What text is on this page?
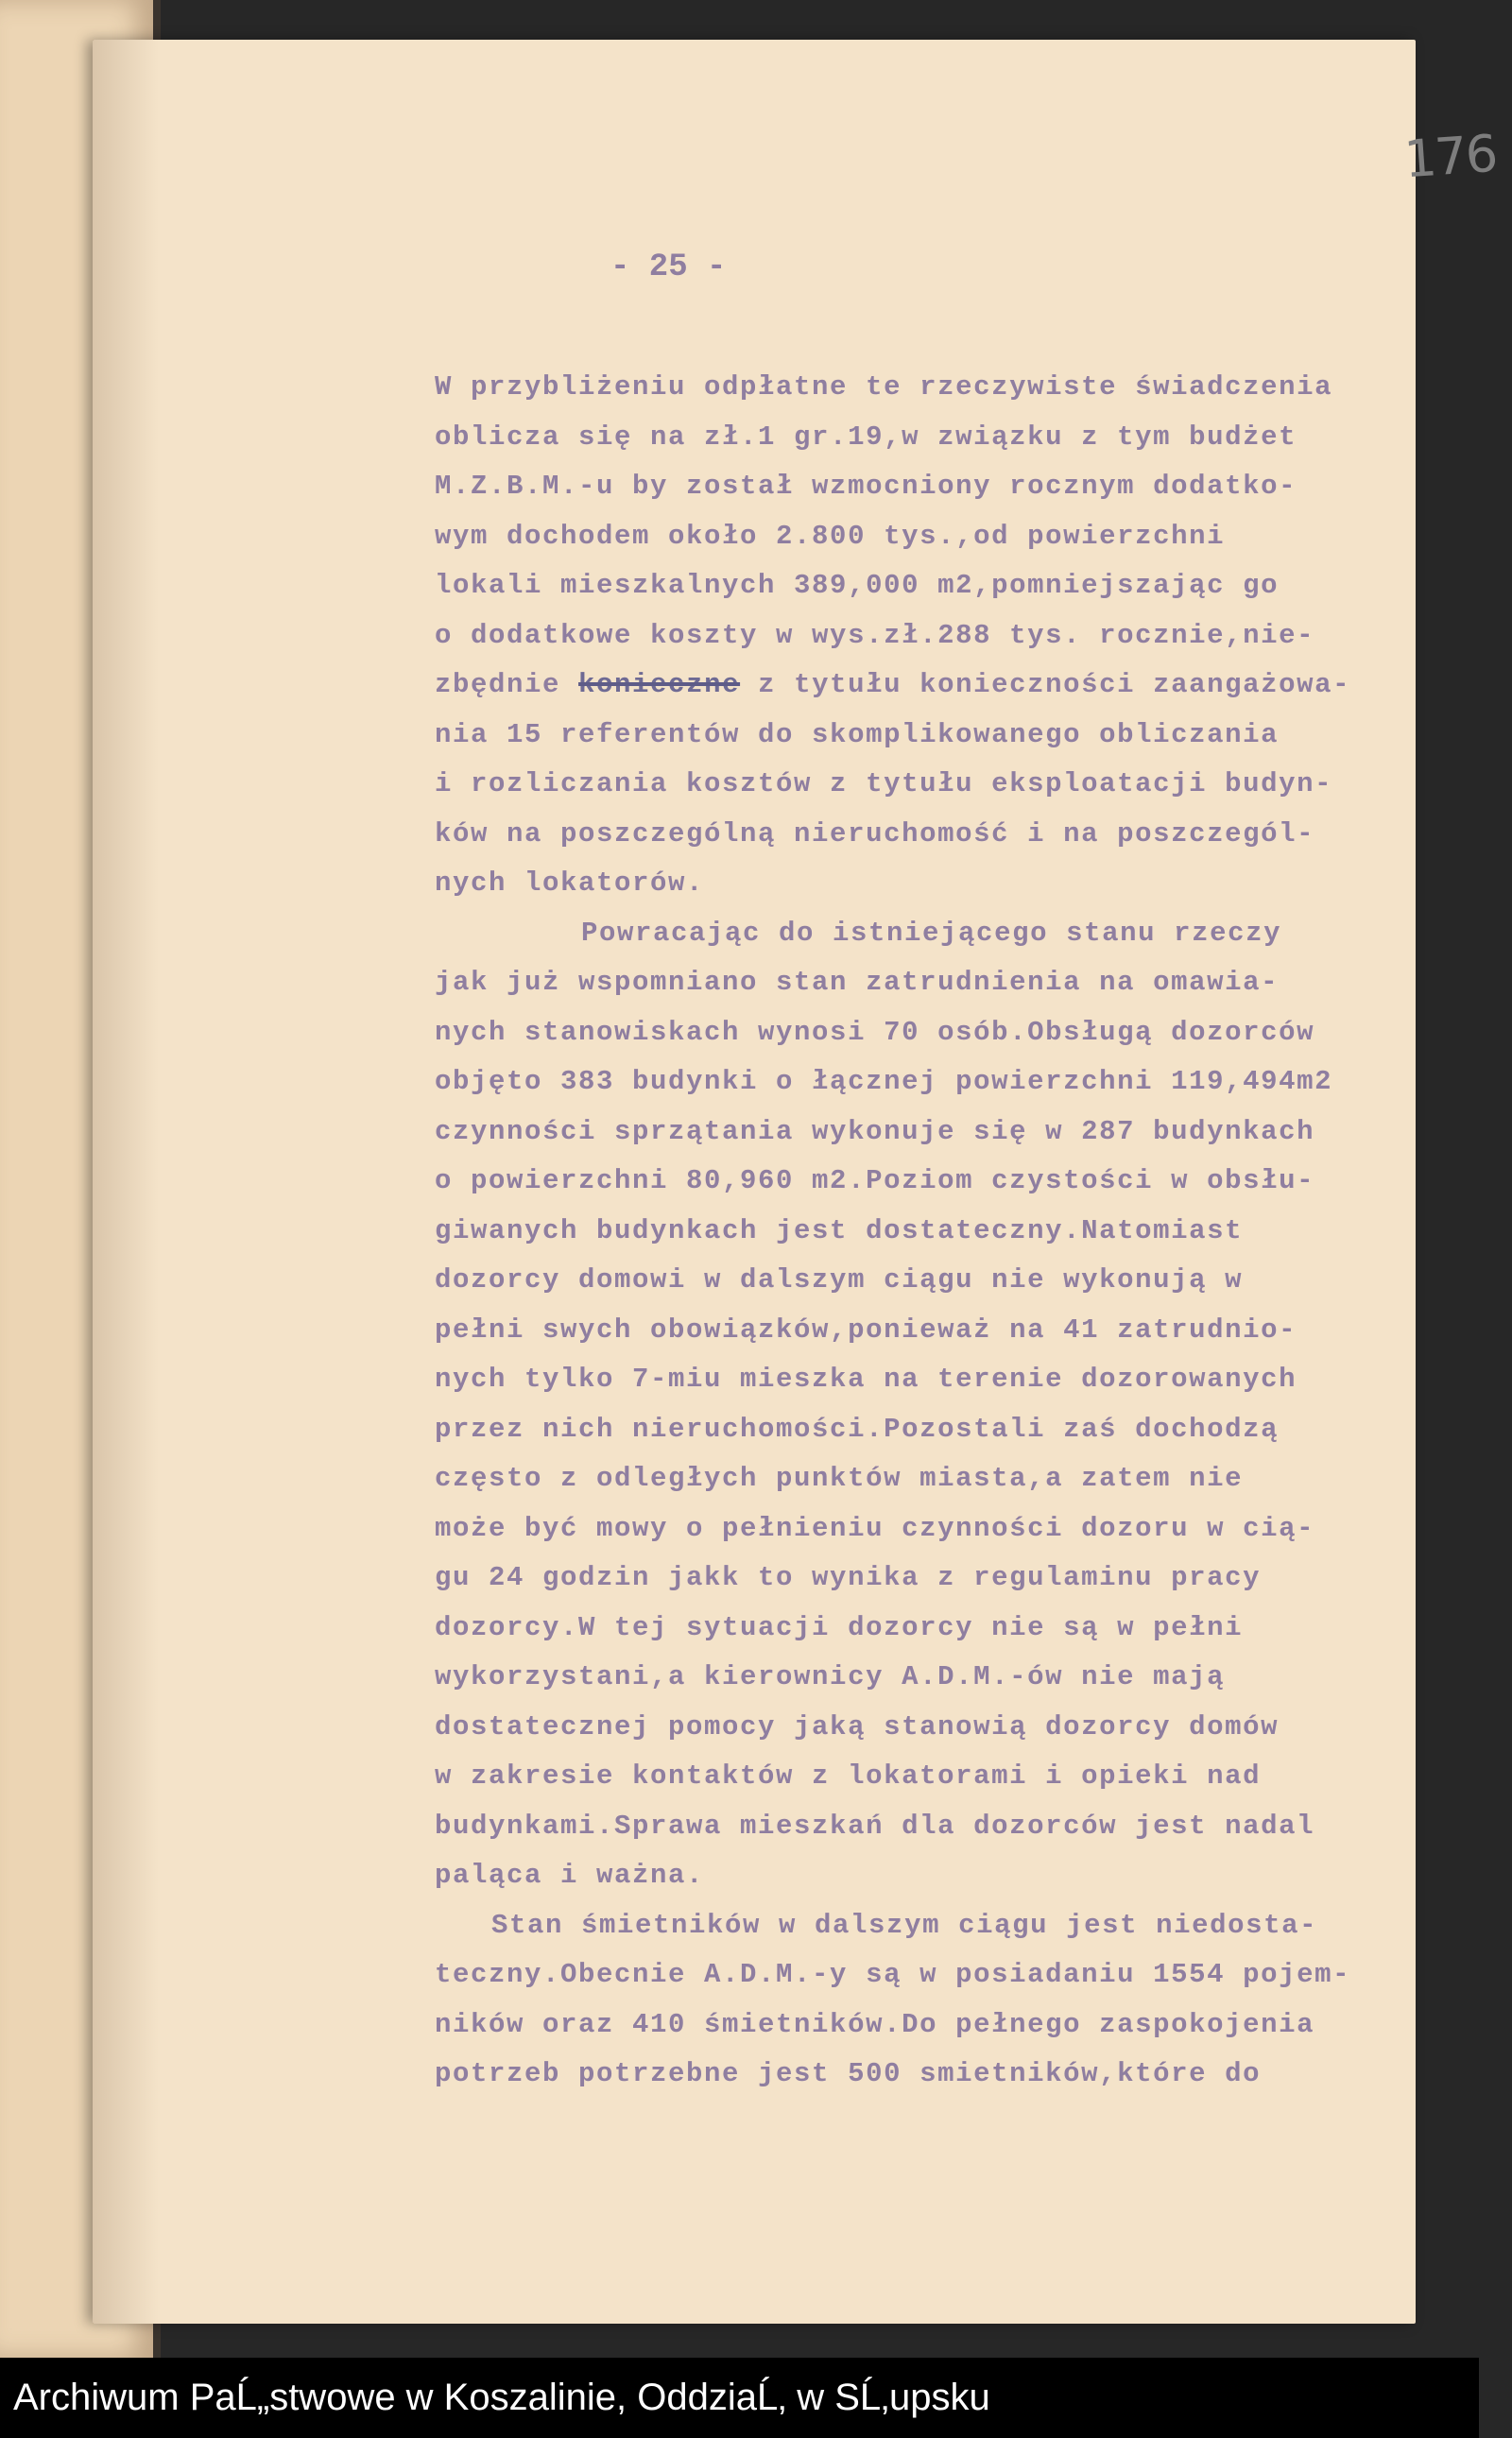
176
- 25 -
W przybliżeniu odpłatne te rzeczywiste świadczenia
oblicza się na zł.1 gr.19,w związku z tym budżet
M.Z.B.M.-u by został wzmocniony rocznym dodatko-
wym dochodem około 2.800 tys.,od powierzchni
lokali mieszkalnych 389,000 m2,pomniejszając go
o dodatkowe koszty w wys.zł.288 tys. rocznie,nie-
zbędnie konieczne z tytułu konieczności zaangażowa-
nia 15 referentów do skomplikowanego obliczania
i rozliczania kosztów z tytułu eksploatacji budyn-
ków na poszczególną nieruchomość i na poszczegól-
nych lokatorów.
Powracając do istniejącego stanu rzeczy
jak już wspomniano stan zatrudnienia na omawia-
nych stanowiskach wynosi 70 osób.Obsługą dozorców
objęto 383 budynki o łącznej powierzchni 119,494m2
czynności sprzątania wykonuje się w 287 budynkach
o powierzchni 80,960 m2.Poziom czystości w obsłu-
giwanych budynkach jest dostateczny.Natomiast
dozorcy domowi w dalszym ciągu nie wykonują w
pełni swych obowiązków,ponieważ na 41 zatrudnio-
nych tylko 7-miu mieszka na terenie dozorowanych
przez nich nieruchomości.Pozostali zaś dochodzą
często z odległych punktów miasta,a zatem nie
może być mowy o pełnieniu czynności dozoru w cią-
gu 24 godzin jakk to wynika z regulaminu pracy
dozorcy.W tej sytuacji dozorcy nie są w pełni
wykorzystani,a kierownicy A.D.M.-ów nie mają
dostatecznej pomocy jaką stanowią dozorcy domów
w zakresie kontaktów z lokatorami i opieki nad
budynkami.Sprawa mieszkań dla dozorców jest nadal
paląca i ważna.
Stan śmietników w dalszym ciągu jest niedosta-
teczny.Obecnie A.D.M.-y są w posiadaniu 1554 pojem-
ników oraz 410 śmietników.Do pełnego zaspokojenia
potrzeb potrzebne jest 500 smietników,które do
Archiwum PaĹ„stwowe w Koszalinie, OddziaĹ‚ w SĹ‚upsku
